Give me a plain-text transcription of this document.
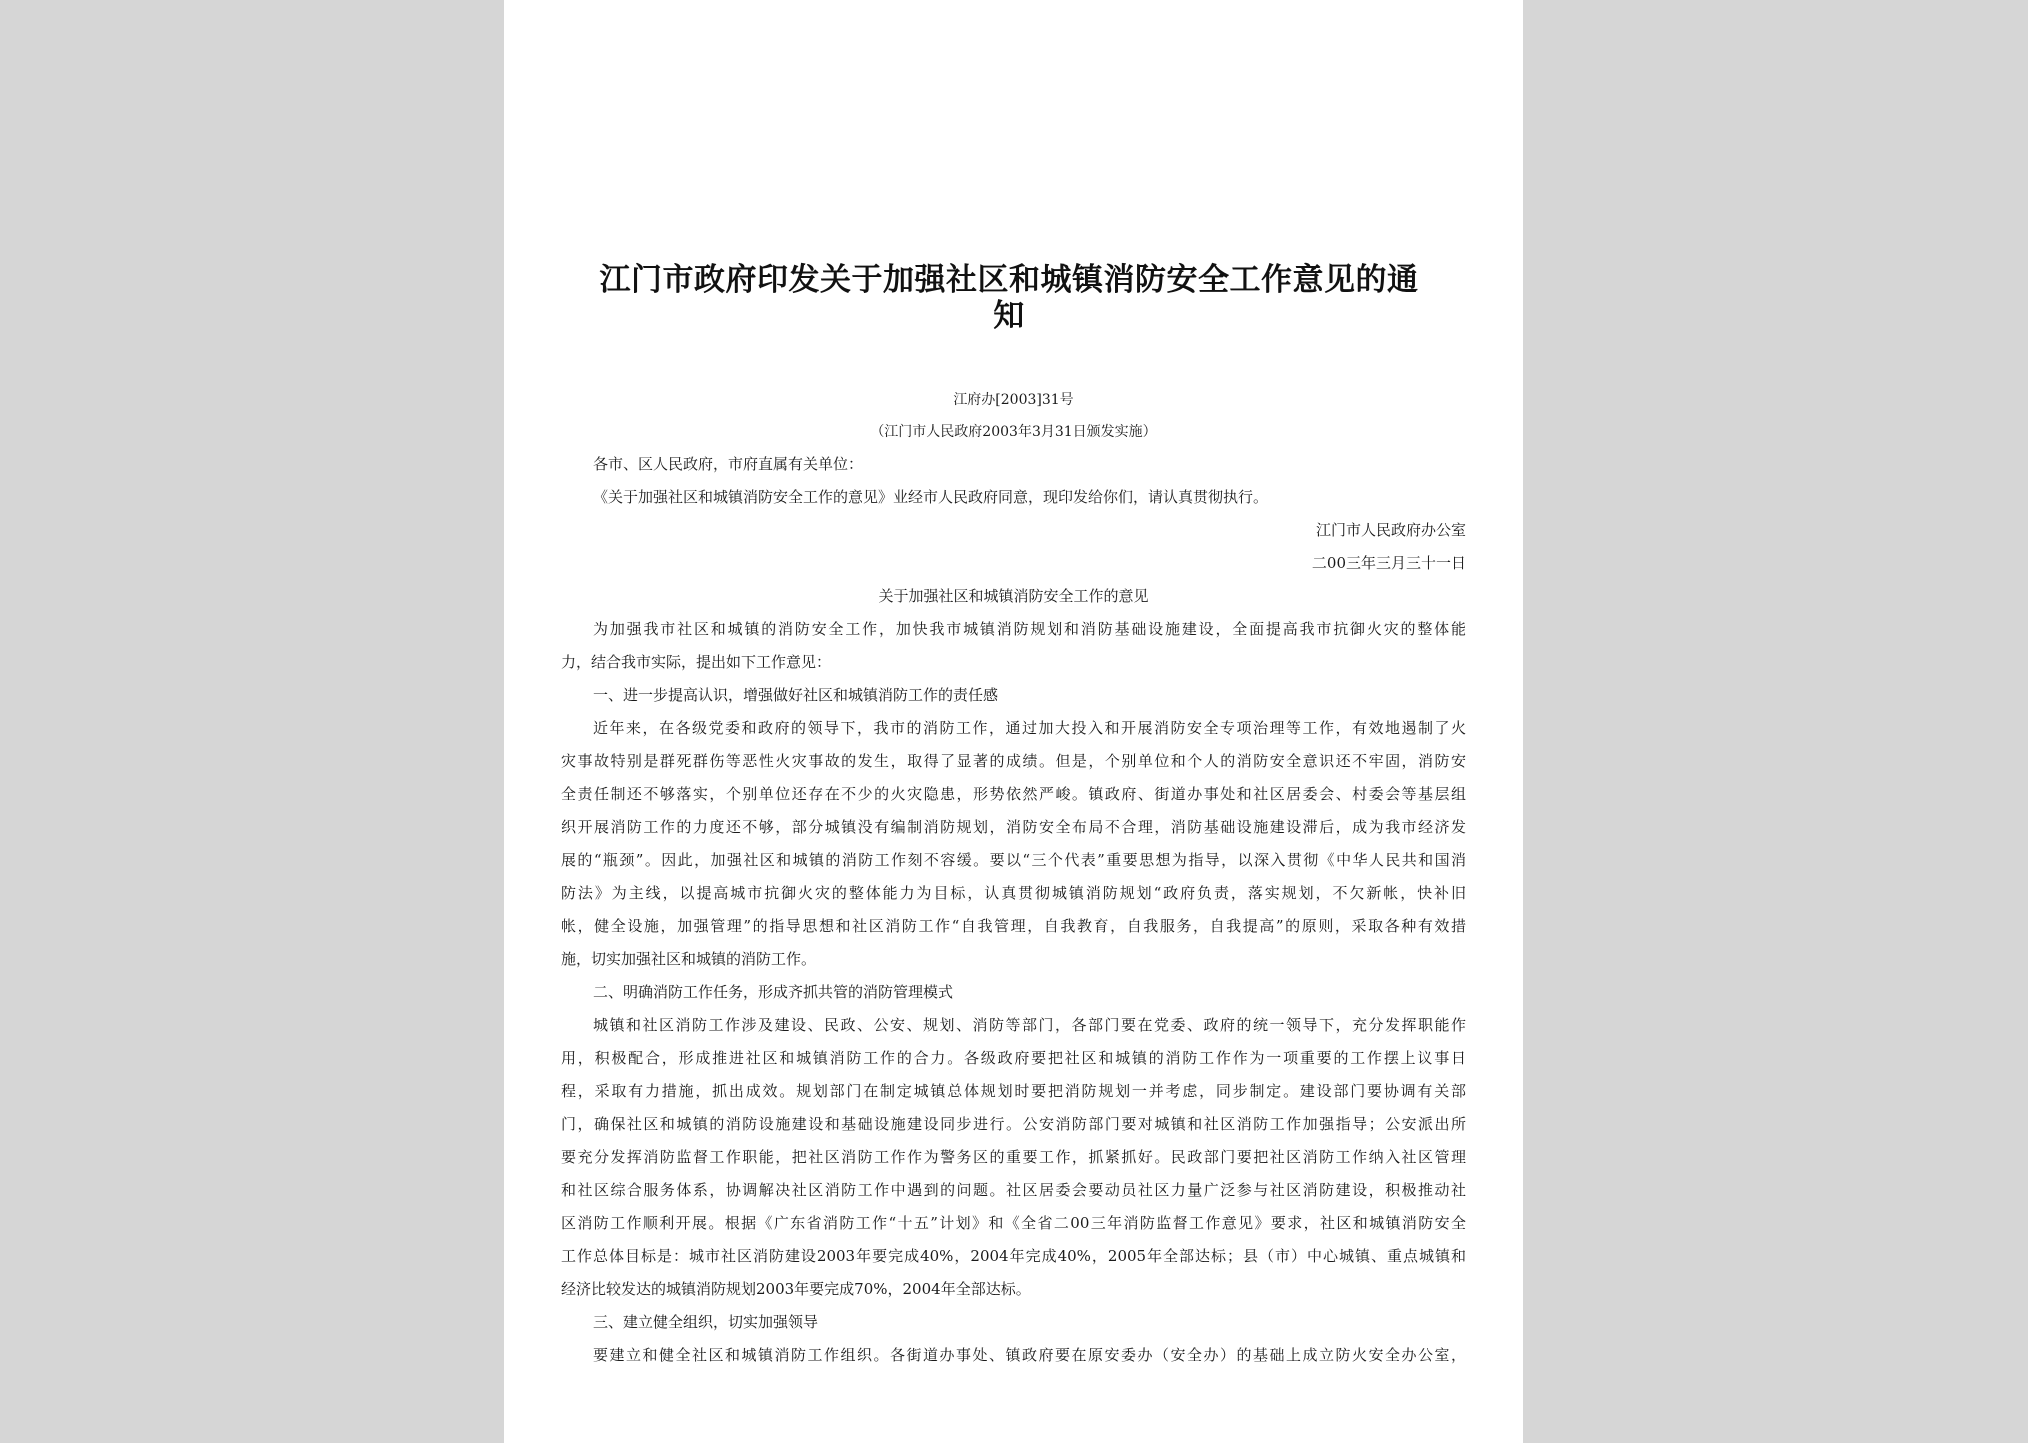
江门市政府印发关于加强社区和城镇消防安全工作意见的通知
江府办[2003]31号
（江门市人民政府2003年3月31日颁发实施）
各市、区人民政府，市府直属有关单位：
《关于加强社区和城镇消防安全工作的意见》业经市人民政府同意，现印发给你们，请认真贯彻执行。
江门市人民政府办公室
二00三年三月三十一日
关于加强社区和城镇消防安全工作的意见
为加强我市社区和城镇的消防安全工作，加快我市城镇消防规划和消防基础设施建设，全面提高我市抗御火灾的整体能
力，结合我市实际，提出如下工作意见：
一、进一步提高认识，增强做好社区和城镇消防工作的责任感
近年来，在各级党委和政府的领导下，我市的消防工作，通过加大投入和开展消防安全专项治理等工作，有效地遏制了火
灾事故特别是群死群伤等恶性火灾事故的发生，取得了显著的成绩。但是，个别单位和个人的消防安全意识还不牢固，消防安
全责任制还不够落实，个别单位还存在不少的火灾隐患，形势依然严峻。镇政府、街道办事处和社区居委会、村委会等基层组
织开展消防工作的力度还不够，部分城镇没有编制消防规划，消防安全布局不合理，消防基础设施建设滞后，成为我市经济发
展的“瓶颈”。因此，加强社区和城镇的消防工作刻不容缓。要以“三个代表”重要思想为指导，以深入贯彻《中华人民共和国消
防法》为主线，以提高城市抗御火灾的整体能力为目标，认真贯彻城镇消防规划“政府负责，落实规划，不欠新帐，快补旧
帐，健全设施，加强管理”的指导思想和社区消防工作“自我管理，自我教育，自我服务，自我提高”的原则，采取各种有效措
施，切实加强社区和城镇的消防工作。
二、明确消防工作任务，形成齐抓共管的消防管理模式
城镇和社区消防工作涉及建设、民政、公安、规划、消防等部门，各部门要在党委、政府的统一领导下，充分发挥职能作
用，积极配合，形成推进社区和城镇消防工作的合力。各级政府要把社区和城镇的消防工作作为一项重要的工作摆上议事日
程，采取有力措施，抓出成效。规划部门在制定城镇总体规划时要把消防规划一并考虑，同步制定。建设部门要协调有关部
门，确保社区和城镇的消防设施建设和基础设施建设同步进行。公安消防部门要对城镇和社区消防工作加强指导；公安派出所
要充分发挥消防监督工作职能，把社区消防工作作为警务区的重要工作，抓紧抓好。民政部门要把社区消防工作纳入社区管理
和社区综合服务体系，协调解决社区消防工作中遇到的问题。社区居委会要动员社区力量广泛参与社区消防建设，积极推动社
区消防工作顺利开展。根据《广东省消防工作“十五”计划》和《全省二00三年消防监督工作意见》要求，社区和城镇消防安全
工作总体目标是：城市社区消防建设2003年要完成40%，2004年完成40%，2005年全部达标；县（市）中心城镇、重点城镇和
经济比较发达的城镇消防规划2003年要完成70%，2004年全部达标。
三、建立健全组织，切实加强领导
要建立和健全社区和城镇消防工作组织。各街道办事处、镇政府要在原安委办（安全办）的基础上成立防火安全办公室，
